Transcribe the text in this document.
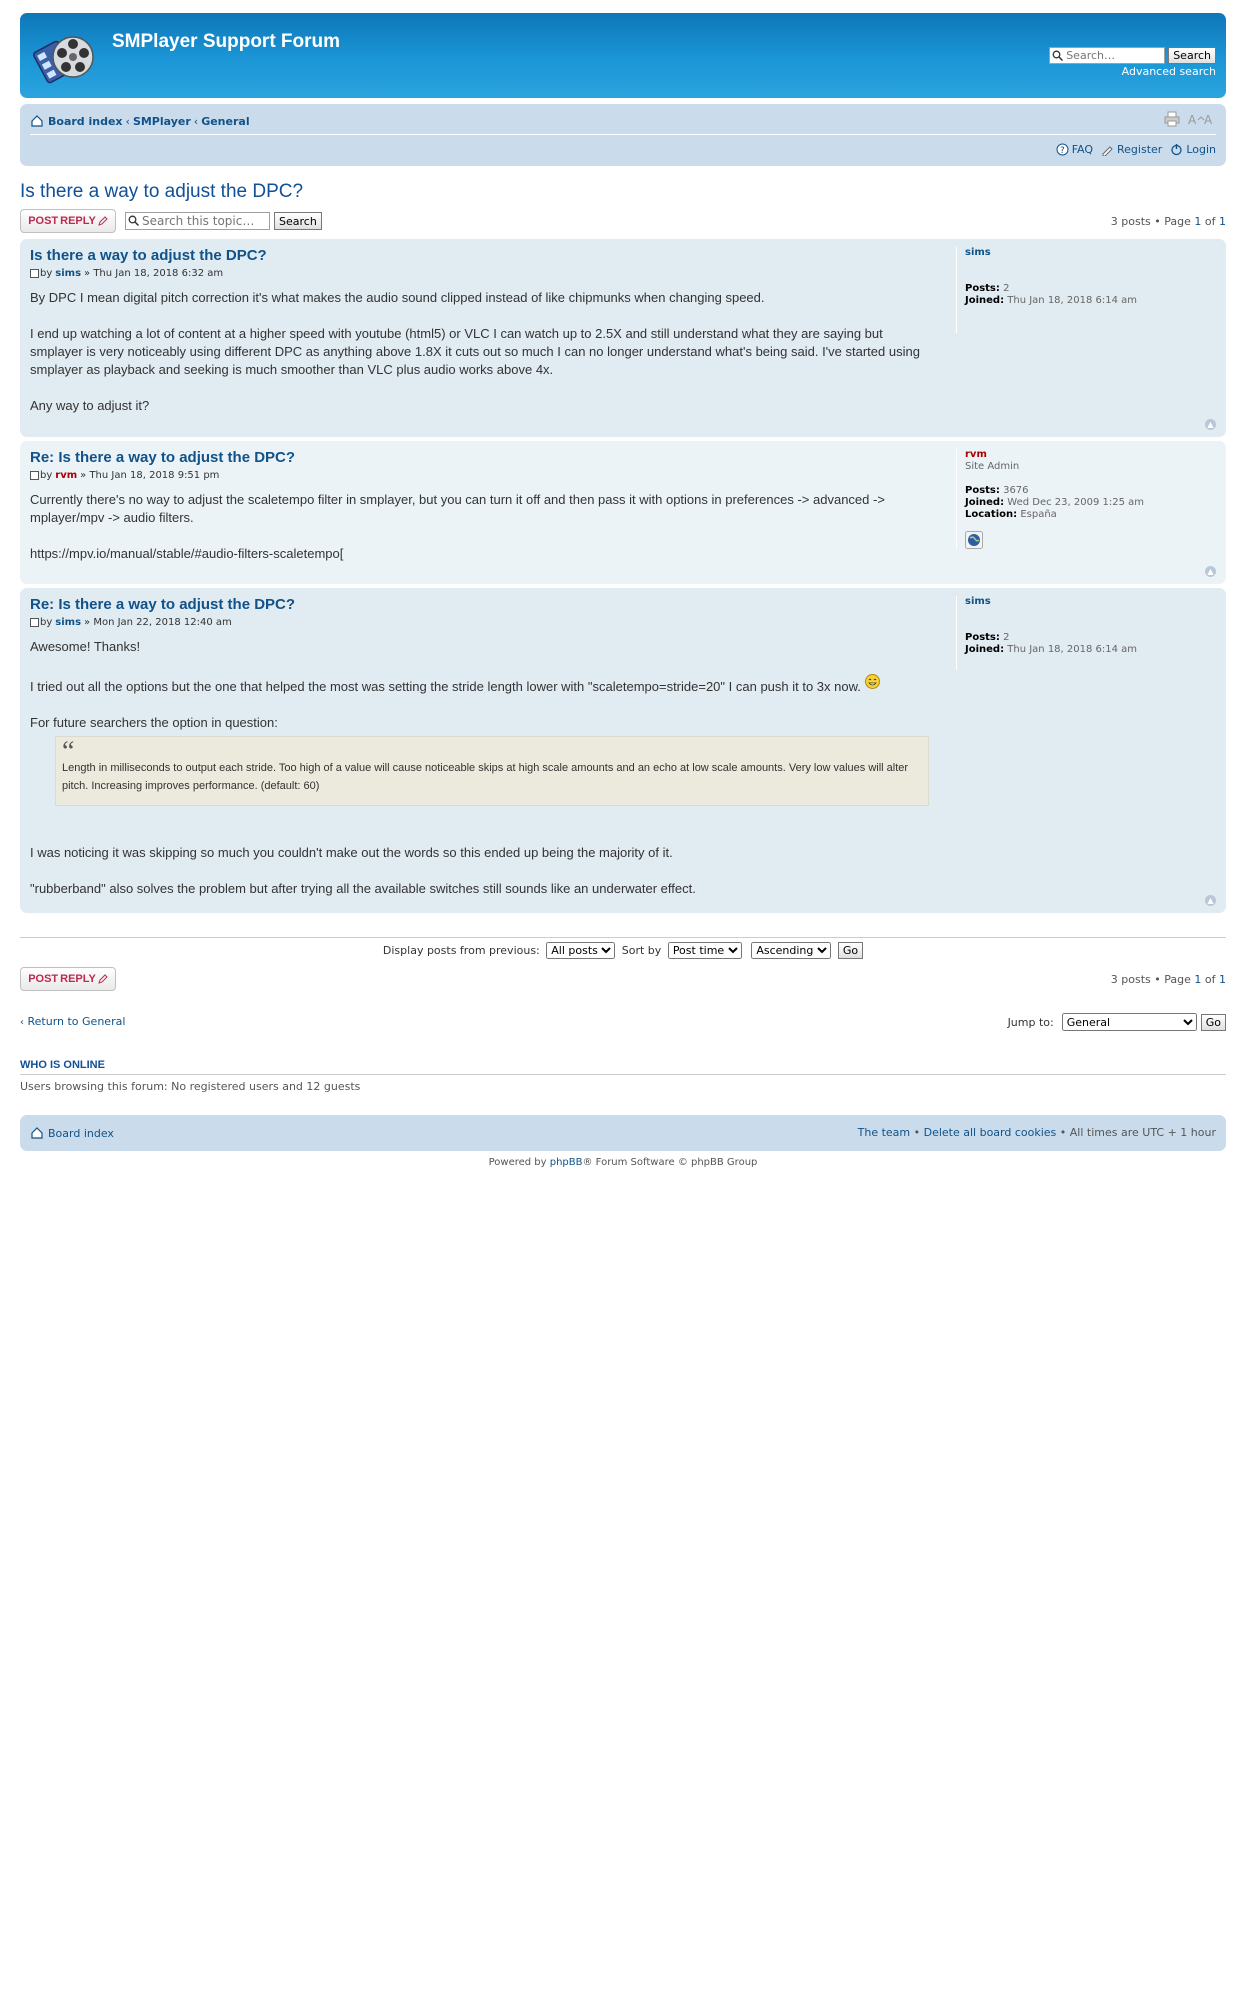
SMPlayer Support Forum
Search…
Search
Advanced search
Board index ‹ SMPlayer ‹ General	A A
? FAQ Register Login
Is there a way to adjust the DPC?
POST REPLY
Search this topic…	Search	3 posts • Page 1 of 1
Is there a way to adjust the DPC?
by sims » Thu Jan 18, 2018 6:32 am

By DPC I mean digital pitch correction it's what makes the audio sound clipped instead of like chipmunks when changing speed.

I end up watching a lot of content at a higher speed with youtube (html5) or VLC I can watch up to 2.5X and still understand what they are saying but smplayer is very noticeably using different DPC as anything above 1.8X it cuts out so much I can no longer understand what's being said. I've started using smplayer as playback and seeking is much smoother than VLC plus audio works above 4x.

Any way to adjust it?

sims

Posts: 2
Joined: Thu Jan 18, 2018 6:14 am
▲
Re: Is there a way to adjust the DPC?
by rvm » Thu Jan 18, 2018 9:51 pm

Currently there's no way to adjust the scaletempo filter in smplayer, but you can turn it off and then pass it with options in preferences -> advanced -> mplayer/mpv -> audio filters.

https://mpv.io/manual/stable/#audio-filters-scaletempo[

rvm
Site Admin
Posts: 3676
Joined: Wed Dec 23, 2009 1:25 am
Location: España
▲
Re: Is there a way to adjust the DPC?
by sims » Mon Jan 22, 2018 12:40 am

Awesome! Thanks!

I tried out all the options but the one that helped the most was setting the stride length lower with "scaletempo=stride=20" I can push it to 3x now.

For future searchers the option in question:

“
Length in milliseconds to output each stride. Too high of a value will cause noticeable skips at high scale amounts and an echo at low scale amounts. Very low values will alter pitch. Increasing improves performance. (default: 60)

I was noticing it was skipping so much you couldn't make out the words so this ended up being the majority of it.

"rubberband" also solves the problem but after trying all the available switches still sounds like an underwater effect.

sims

Posts: 2
Joined: Thu Jan 18, 2018 6:14 am
▲
Display posts from previous:
All posts	Sort by
Post time
Ascending	Go
POST REPLY	3 posts • Page 1 of 1
‹ Return to General	Jump to:
General	Go
WHO IS ONLINE

Users browsing this forum: No registered users and 12 guests

Board index	The team • Delete all board cookies • All times are UTC + 1 hour
Powered by phpBB® Forum Software © phpBB Group
